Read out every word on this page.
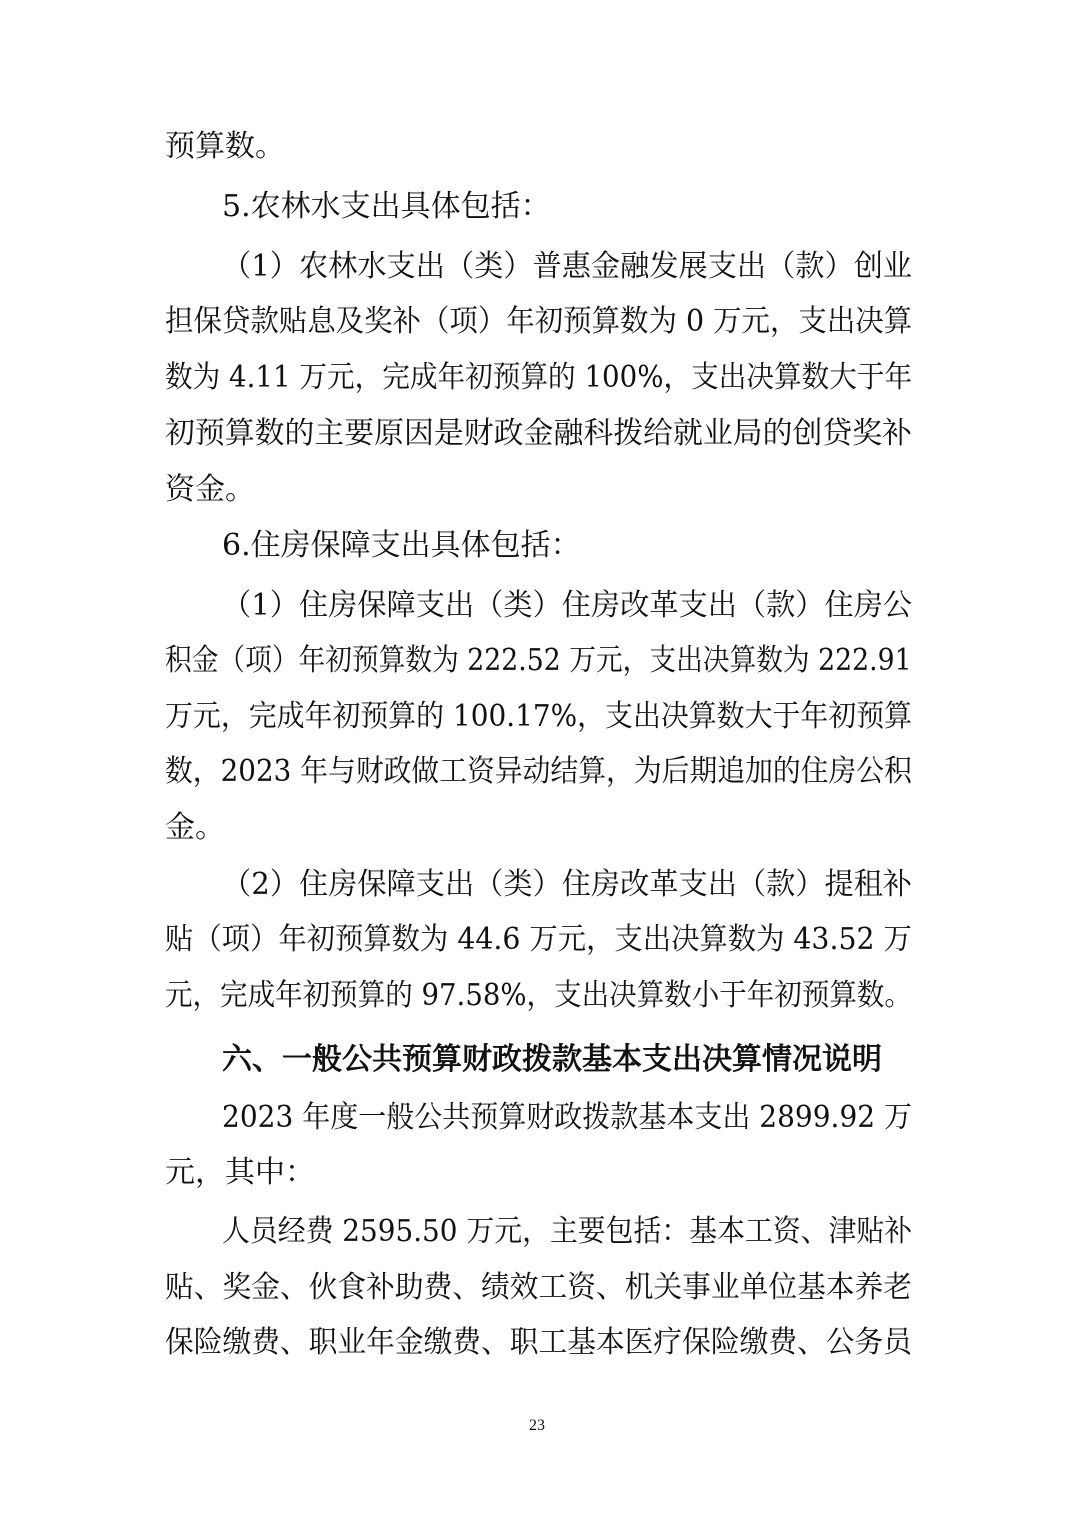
预算数。
5.农林水支出具体包括：
（1）农林水支出（类）普惠金融发展支出（款）创业
担保贷款贴息及奖补（项）年初预算数为 0 万元，支出决算
数为 4.11 万元，完成年初预算的 100%，支出决算数大于年
初预算数的主要原因是财政金融科拨给就业局的创贷奖补
资金。
6.住房保障支出具体包括：
（1）住房保障支出（类）住房改革支出（款）住房公
积金（项）年初预算数为 222.52 万元，支出决算数为 222.91
万元，完成年初预算的 100.17%，支出决算数大于年初预算
数，2023 年与财政做工资异动结算，为后期追加的住房公积
金。
（2）住房保障支出（类）住房改革支出（款）提租补
贴（项）年初预算数为 44.6 万元，支出决算数为 43.52 万
元，完成年初预算的 97.58%，支出决算数小于年初预算数。
六、一般公共预算财政拨款基本支出决算情况说明
2023 年度一般公共预算财政拨款基本支出 2899.92 万
元，其中：
人员经费 2595.50 万元，主要包括：基本工资、津贴补
贴、奖金、伙食补助费、绩效工资、机关事业单位基本养老
保险缴费、职业年金缴费、职工基本医疗保险缴费、公务员
23
